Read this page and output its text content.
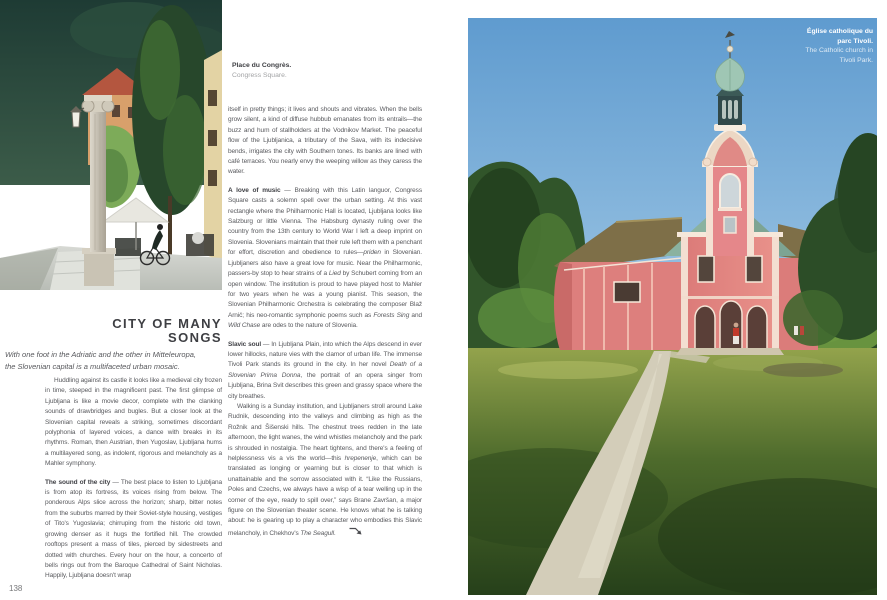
Place du Congrès.
Congress Square.

itself in pretty things; it lives and shouts and vibrates. When the bells grow silent, a kind of diffuse hubbub emanates from its entrails—the buzz and hum of stallholders at the Vodnikov Market. The peaceful flow of the Ljubljanica, a tributary of the Sava, with its indecisive bends, irrigates the city with Southern tones. Its banks are lined with café terraces. You nearly envy the weeping willow as they caress the water.

A love of music — Breaking with this Latin languor, Congress Square casts a solemn spell over the urban setting. At this vast rectangle where the Philharmonic Hall is located, Ljubljana looks like Salzburg or little Vienna. The Habsburg dynasty ruling over the country from the 13th century to World War I left a deep imprint on Slovenia. Slovenians maintain that their rule left them with a penchant for effort, discretion and obedience to rules—priden in Slovenian. Ljubljaners also have a great love for music. Near the Philharmonic, passers-by stop to hear strains of a Lied by Schubert coming from an open window. The institution is proud to have played host to Mahler for two years when he was a young pianist. This season, the Slovenian Philharmonic Orchestra is celebrating the composer Blaž Arnič; his neo-romantic symphonic poems such as Forests Sing and Wild Chase are odes to the nature of Slovenia.

Slavic soul — In Ljubljana Plain, into which the Alps descend in ever lower hillocks, nature vies with the clamor of urban life. The immense Tivoli Park stands its ground in the city. In her novel Death of a Slovenian Prima Donna, the portrait of an opera singer from Ljubljana, Brina Svit describes this green and grassy space where the city breathes.

Walking is a Sunday institution, and Ljubljaners stroll around Lake Rudnik, descending into the valleys and climbing as high as the Rožnik and Šišenski hills. The chestnut trees redden in the late afternoon, the light wanes, the wind whistles melancholy and the park is shrouded in nostalgia. The heart tightens, and there's a feeling of helplessness vis a vis the world—this hrepenenje, which can be translated as longing or yearning but is closer to that which is unattainable and the sorrow associated with it. “Like the Russians, Poles and Czechs, we always have a wisp of a tear welling up in the corner of the eye, ready to spill over,” says Brane Završan, a major figure on the Slovenian theater scene. He knows what he is talking about: he is gearing up to play a character who embodies this Slavic melancholy, in Chekhov's The Seagull.

CITY OF MANY
SONGS
With one foot in the Adriatic and the other in Mitteleuropa,
the Slovenian capital is a multifaceted urban mosaic.

Huddling against its castle it looks like a medieval city frozen in time, steeped in the magnificent past. The first glimpse of Ljubljana is like a movie decor, complete with the clanking sounds of drawbridges and bugles. But a closer look at the Slovenian capital reveals a striking, sometimes discordant polyphonia of layered voices, a dance with breaks in its rhythms. Roman, then Austrian, then Yugoslav, Ljubljana hums a multilayered song, as indolent, rigorous and melancholy as a Mahler symphony.

The sound of the city — The best place to listen to Ljubljana is from atop its fortress, its voices rising from below. The ponderous Alps slice across the horizon; sharp, bitter notes from the suburbs marred by their Soviet-style housing, vestiges of Tito's Yugoslavia; chirruping from the historic old town, growing denser as it hugs the fortified hill. The crowded rooftops present a mass of tiles, pierced by sidestreets and dotted with churches. Every hour on the hour, a concerto of bells rings out from the Baroque Cathedral of Saint Nicholas. Happily, Ljubljana doesn't wrap

138
Église catholique du parc Tivoli.
The Catholic church in Tivoli Park.
